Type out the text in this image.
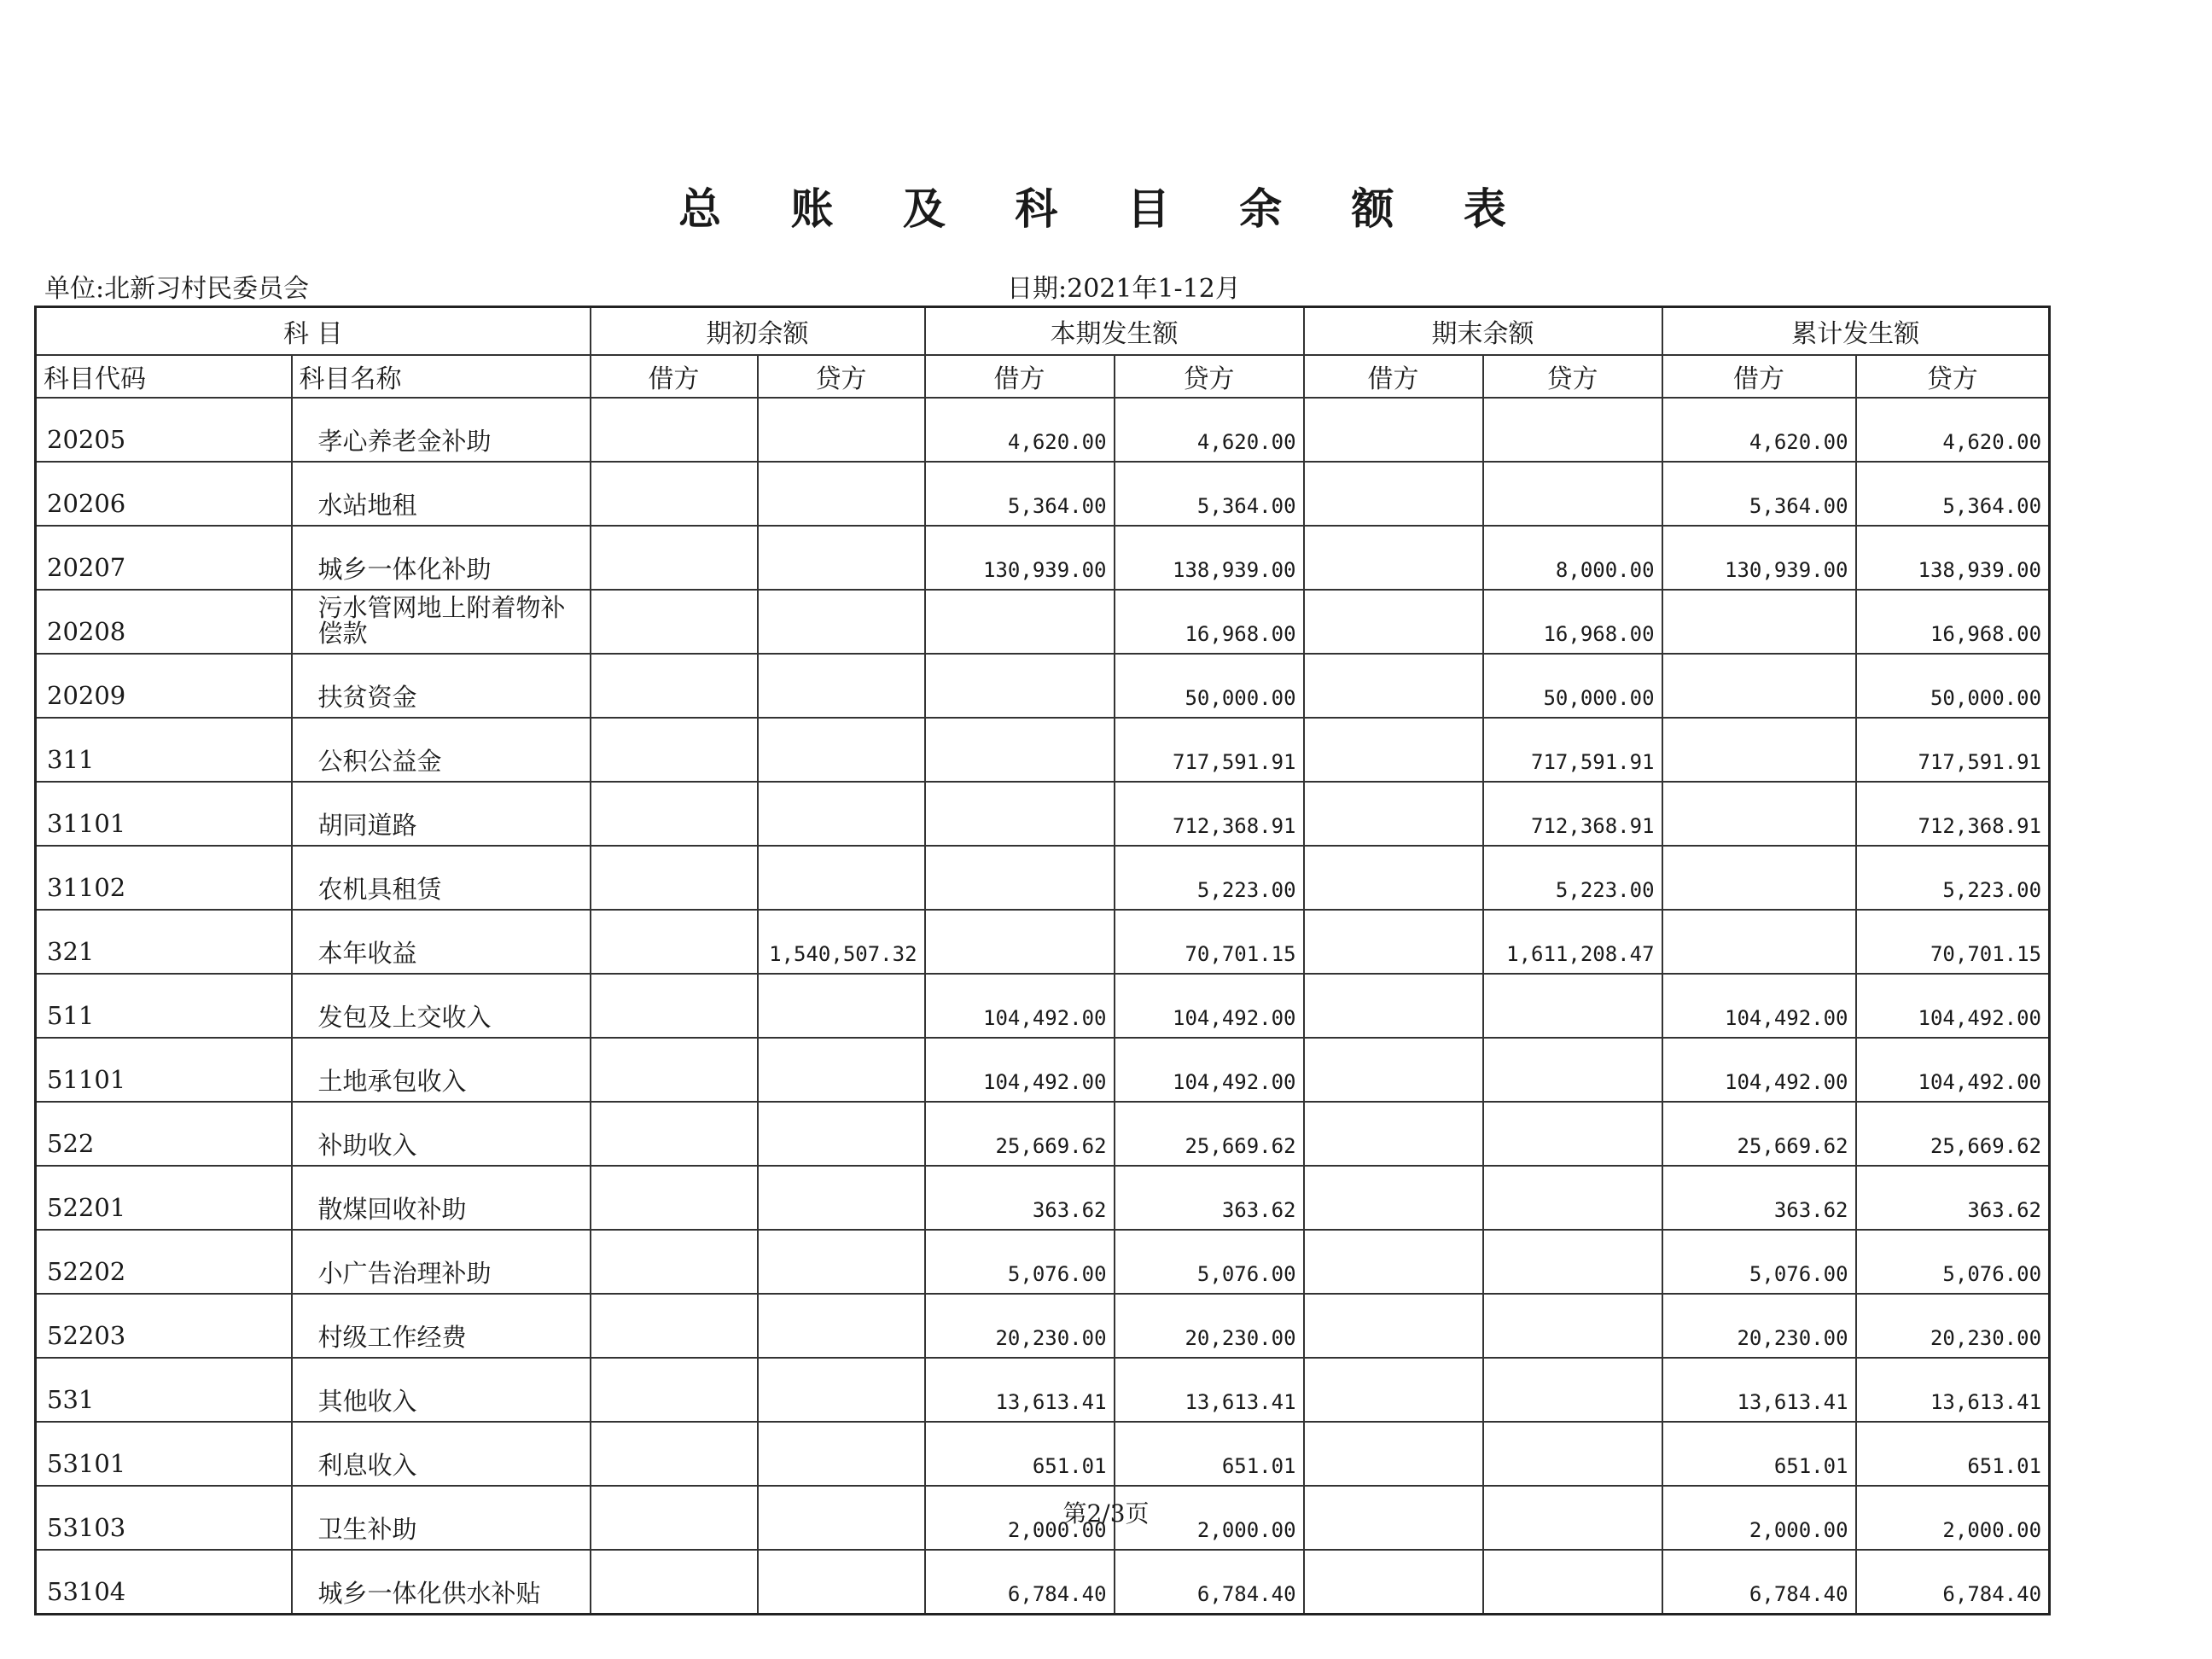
总 账 及 科 目 余 额 表
单位:北新习村民委员会	日期:2021年1-12月
科 目		期初余额		本期发生额		期末余额		累计发生额	
科目代码	科目名称	借方	贷方	借方	贷方	借方	贷方	借方	贷方
20205	孝心养老金补助			4,620.00	4,620.00			4,620.00	4,620.00
20206	水站地租			5,364.00	5,364.00			5,364.00	5,364.00
20207	城乡一体化补助			130,939.00	138,939.00		8,000.00	130,939.00	138,939.00
20208	污水管网地上附着物补偿款				16,968.00		16,968.00		16,968.00
20209	扶贫资金				50,000.00		50,000.00		50,000.00
311	公积公益金				717,591.91		717,591.91		717,591.91
31101	胡同道路				712,368.91		712,368.91		712,368.91
31102	农机具租赁				5,223.00		5,223.00		5,223.00
321	本年收益		1,540,507.32		70,701.15		1,611,208.47		70,701.15
511	发包及上交收入			104,492.00	104,492.00			104,492.00	104,492.00
51101	土地承包收入			104,492.00	104,492.00			104,492.00	104,492.00
522	补助收入			25,669.62	25,669.62			25,669.62	25,669.62
52201	散煤回收补助			363.62	363.62			363.62	363.62
52202	小广告治理补助			5,076.00	5,076.00			5,076.00	5,076.00
52203	村级工作经费			20,230.00	20,230.00			20,230.00	20,230.00
531	其他收入			13,613.41	13,613.41			13,613.41	13,613.41
53101	利息收入			651.01	651.01			651.01	651.01
53103	卫生补助			2,000.00	2,000.00			2,000.00	2,000.00
53104	城乡一体化供水补贴			6,784.40	6,784.40			6,784.40	6,784.40
第2/3页
